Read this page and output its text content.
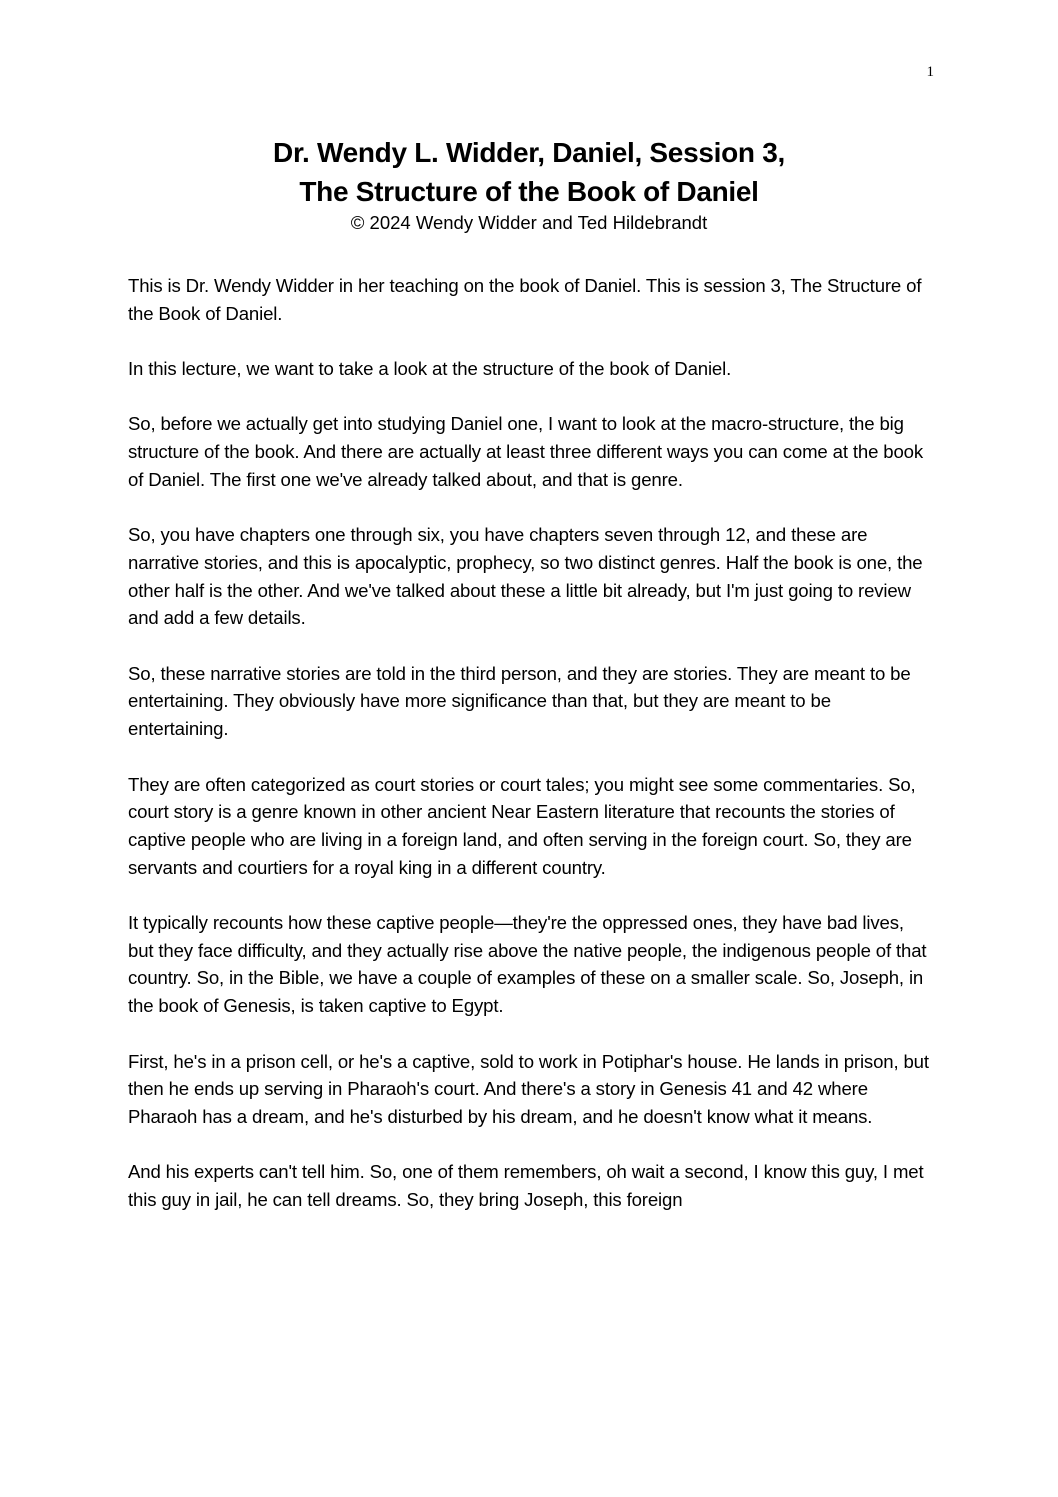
1
Dr. Wendy L. Widder, Daniel, Session 3,
The Structure of the Book of Daniel
© 2024 Wendy Widder and Ted Hildebrandt

This is Dr. Wendy Widder in her teaching on the book of Daniel. This is session 3, The Structure of the Book of Daniel.

In this lecture, we want to take a look at the structure of the book of Daniel.

So, before we actually get into studying Daniel one, I want to look at the macro-structure, the big structure of the book. And there are actually at least three different ways you can come at the book of Daniel. The first one we've already talked about, and that is genre.

So, you have chapters one through six, you have chapters seven through 12, and these are narrative stories, and this is apocalyptic, prophecy, so two distinct genres. Half the book is one, the other half is the other. And we've talked about these a little bit already, but I'm just going to review and add a few details.

So, these narrative stories are told in the third person, and they are stories. They are meant to be entertaining. They obviously have more significance than that, but they are meant to be entertaining.

They are often categorized as court stories or court tales; you might see some commentaries. So, court story is a genre known in other ancient Near Eastern literature that recounts the stories of captive people who are living in a foreign land, and often serving in the foreign court. So, they are servants and courtiers for a royal king in a different country.

It typically recounts how these captive people—they're the oppressed ones, they have bad lives, but they face difficulty, and they actually rise above the native people, the indigenous people of that country. So, in the Bible, we have a couple of examples of these on a smaller scale. So, Joseph, in the book of Genesis, is taken captive to Egypt.

First, he's in a prison cell, or he's a captive, sold to work in Potiphar's house. He lands in prison, but then he ends up serving in Pharaoh's court. And there's a story in Genesis 41 and 42 where Pharaoh has a dream, and he's disturbed by his dream, and he doesn't know what it means.

And his experts can't tell him. So, one of them remembers, oh wait a second, I know this guy, I met this guy in jail, he can tell dreams. So, they bring Joseph, this foreign
